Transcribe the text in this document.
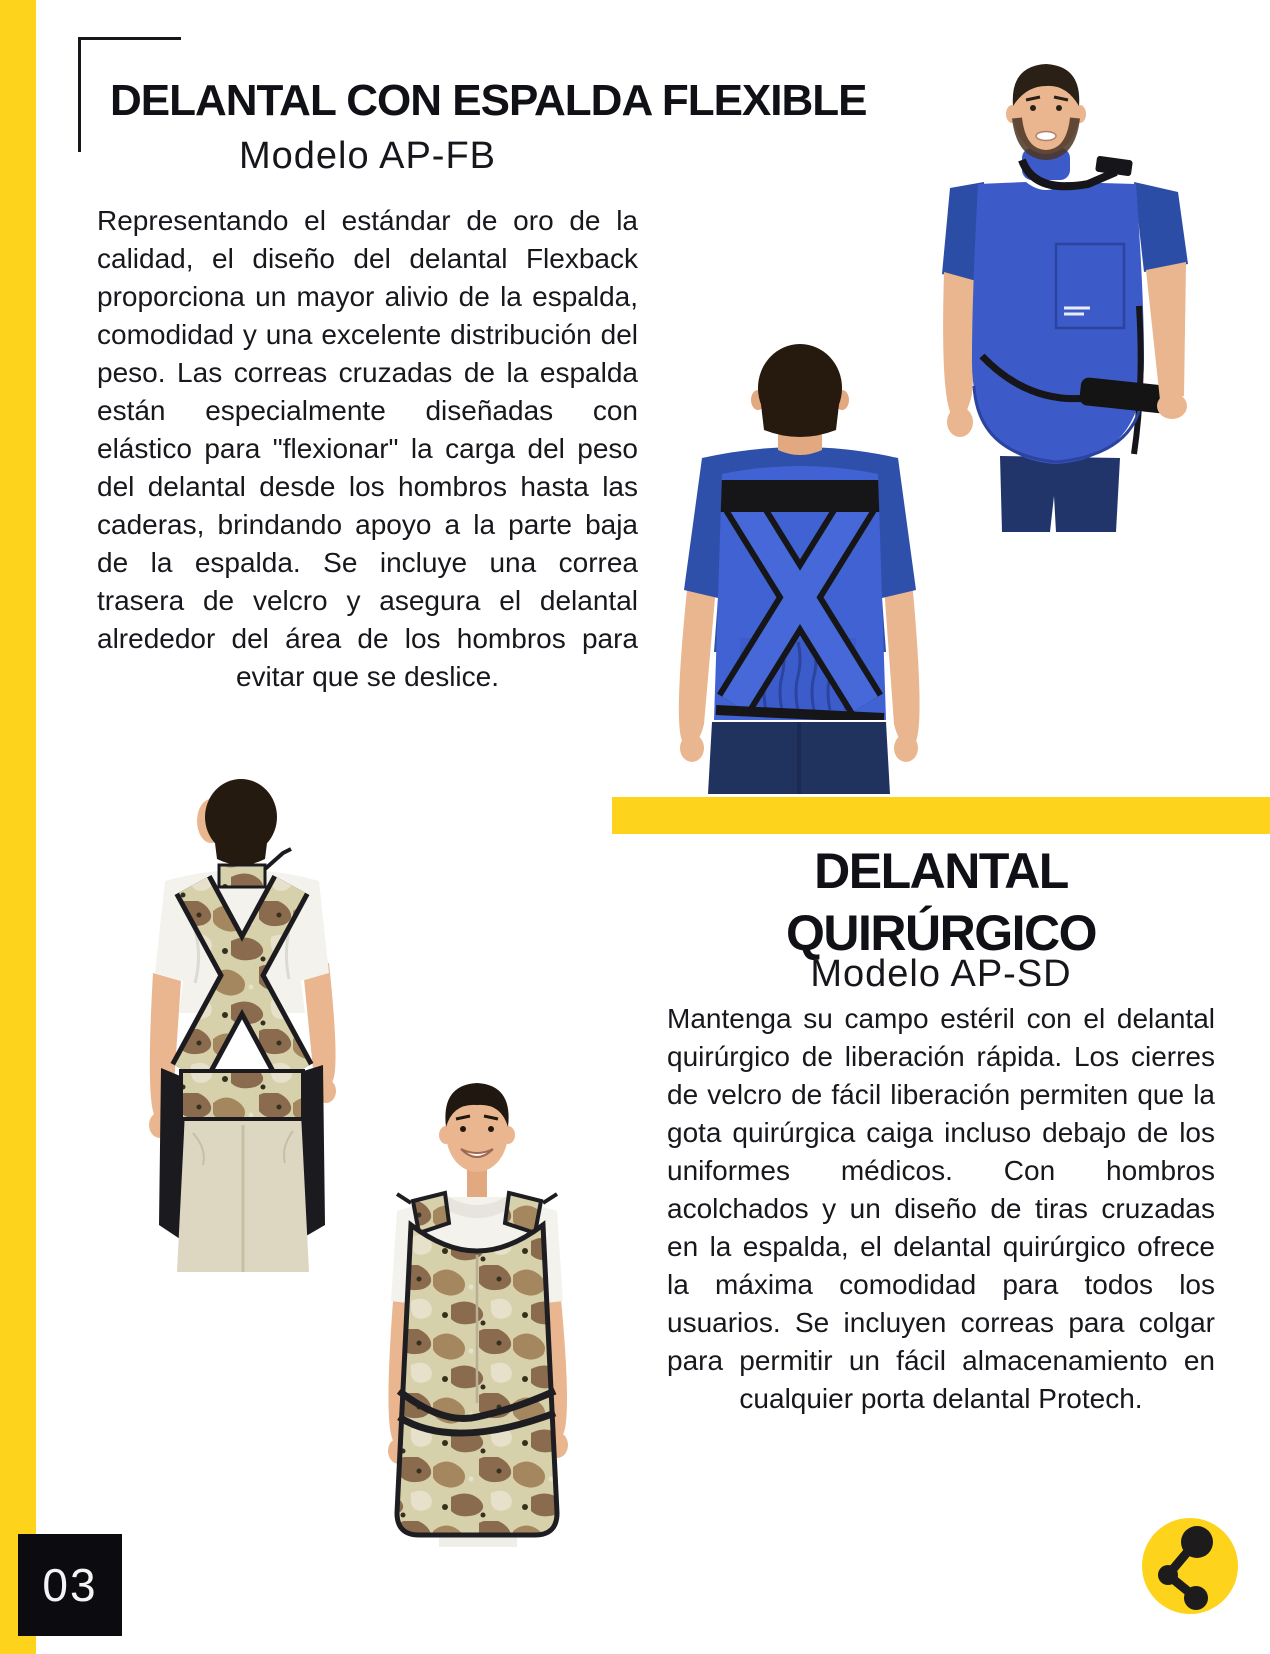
DELANTAL CON ESPALDA FLEXIBLE
Modelo AP-FB

Representando el estándar de oro de la calidad, el diseño del delantal Flexback proporciona un mayor alivio de la espalda, comodidad y una excelente distribución del peso. Las correas cruzadas de la espalda están especialmente diseñadas con elástico para "flexionar" la carga del peso del delantal desde los hombros hasta las caderas, brindando apoyo a la parte baja de la espalda. Se incluye una correa trasera de velcro y asegura el delantal alrededor del área de los hombros para evitar que se deslice.

DELANTAL QUIRÚRGICO
Modelo AP-SD

Mantenga su campo estéril con el delantal quirúrgico de liberación rápida. Los cierres de velcro de fácil liberación permiten que la gota quirúrgica caiga incluso debajo de los uniformes médicos. Con hombros acolchados y un diseño de tiras cruzadas en la espalda, el delantal quirúrgico ofrece la máxima comodidad para todos los usuarios. Se incluyen correas para colgar para permitir un fácil almacenamiento en cualquier porta delantal Protech.

03
